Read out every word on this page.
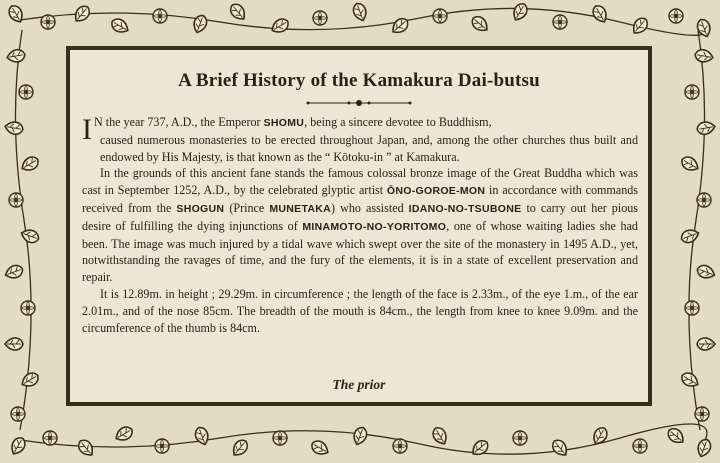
A Brief History of the Kamakura Dai-butsu

I N the year 737, A.D., the Emperor SHOMU, being a sincere devotee to Buddhism,
caused numerous monasteries to be erected throughout Japan, and, among the other churches thus built and endowed by His Majesty, is that known as the “ Kōtoku-in ” at Kamakura.

In the grounds of this ancient fane stands the famous colossal bronze image of the Great Buddha which was cast in September 1252, A.D., by the celebrated glyptic artist ŌNO-GOROE-MON in accordance with commands received from the SHOGUN (Prince MUNETAKA) who assisted IDANO-NO-TSUBONE to carry out her pious desire of fulfilling the dying injunctions of MINAMOTO-NO-YORITOMO, one of whose waiting ladies she had been. The image was much injured by a tidal wave which swept over the site of the monastery in 1495 A.D., yet, notwithstanding the ravages of time, and the fury of the elements, it is in a state of excellent preservation and repair.

It is 12.89m. in height ; 29.29m. in circumference ; the length of the face is 2.33m., of the eye 1.m., of the ear 2.01m., and of the nose 85cm. The breadth of the mouth is 84cm., the length from knee to knee 9.09m. and the circumference of the thumb is 84cm.

The prior
